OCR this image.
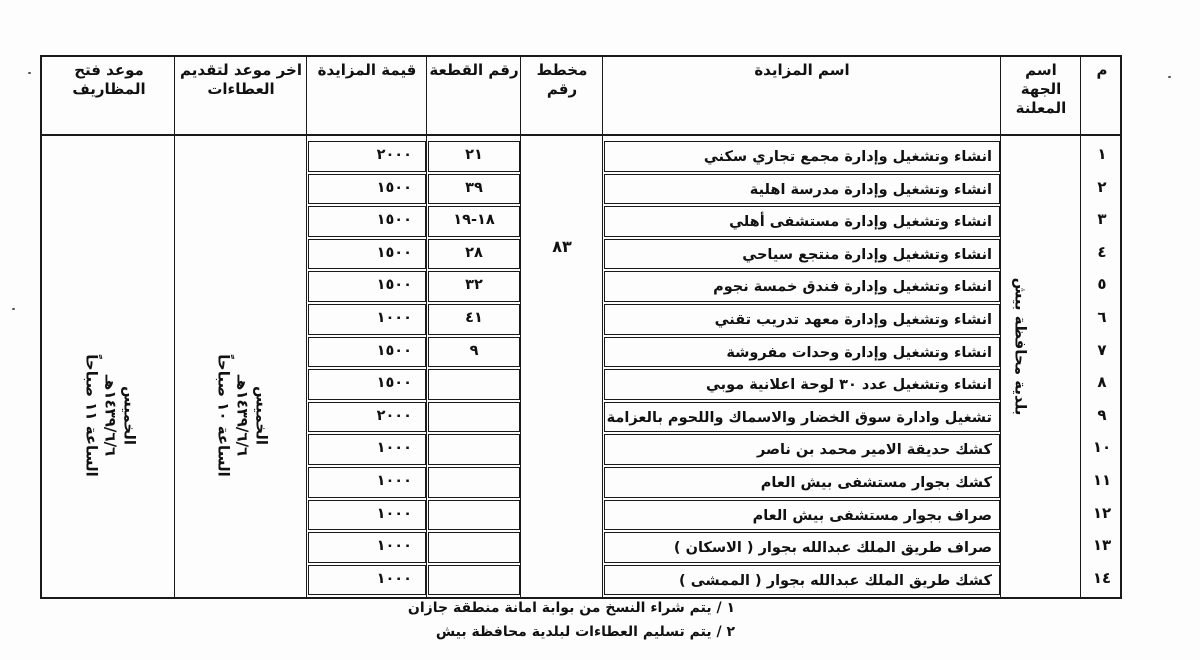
م
اسم
الجهة
المعلنة
اسم المزايدة
مخطط رقم
رقم القطعة
قيمة المزايدة
اخر موعد لتقديم
العطاءات
موعد فتح
المظاريف
١
انشاء وتشغيل وإدارة مجمع تجاري سكني
٢١
٢٠٠٠
٢
انشاء وتشغيل وإدارة مدرسة اهلية
٣٩
١٥٠٠
٣
انشاء وتشغيل وإدارة مستشفى أهلي
١٨-١٩
١٥٠٠
٤
انشاء وتشغيل وإدارة منتجع سياحي
٢٨
١٥٠٠
٥
انشاء وتشغيل وإدارة فندق خمسة نجوم
٣٢
١٥٠٠
٦
انشاء وتشغيل وإدارة معهد تدريب تقني
٤١
١٠٠٠
٧
انشاء وتشغيل وإدارة وحدات مفروشة
٩
١٥٠٠
٨
انشاء وتشغيل عدد ٣٠ لوحة اعلانية موبي
١٥٠٠
٩
تشغيل وادارة سوق الخضار والاسماك واللحوم بالعزامة
٢٠٠٠
١٠
كشك حديقة الامير محمد بن ناصر
١٠٠٠
١١
كشك بجوار مستشفى بيش العام
١٠٠٠
١٢
صراف بجوار مستشفى بيش العام
١٠٠٠
١٣
صراف طريق الملك عبدالله بجوار ( الاسكان )
١٠٠٠
١٤
كشك طريق الملك عبدالله بجوار ( الممشى )
١٠٠٠
بلدية محافظة بيش
٨٣
الخميس
١٤٣٩/٦/٦هـ
الساعة ١٠ صباحاً
الخميس
١٤٣٩/٦/٦هـ
الساعة ١١ صباحاً
١ / يتم شراء النسخ من بوابة امانة منطقة جازان
٢ / يتم تسليم العطاءات لبلدية محافظة بيش
